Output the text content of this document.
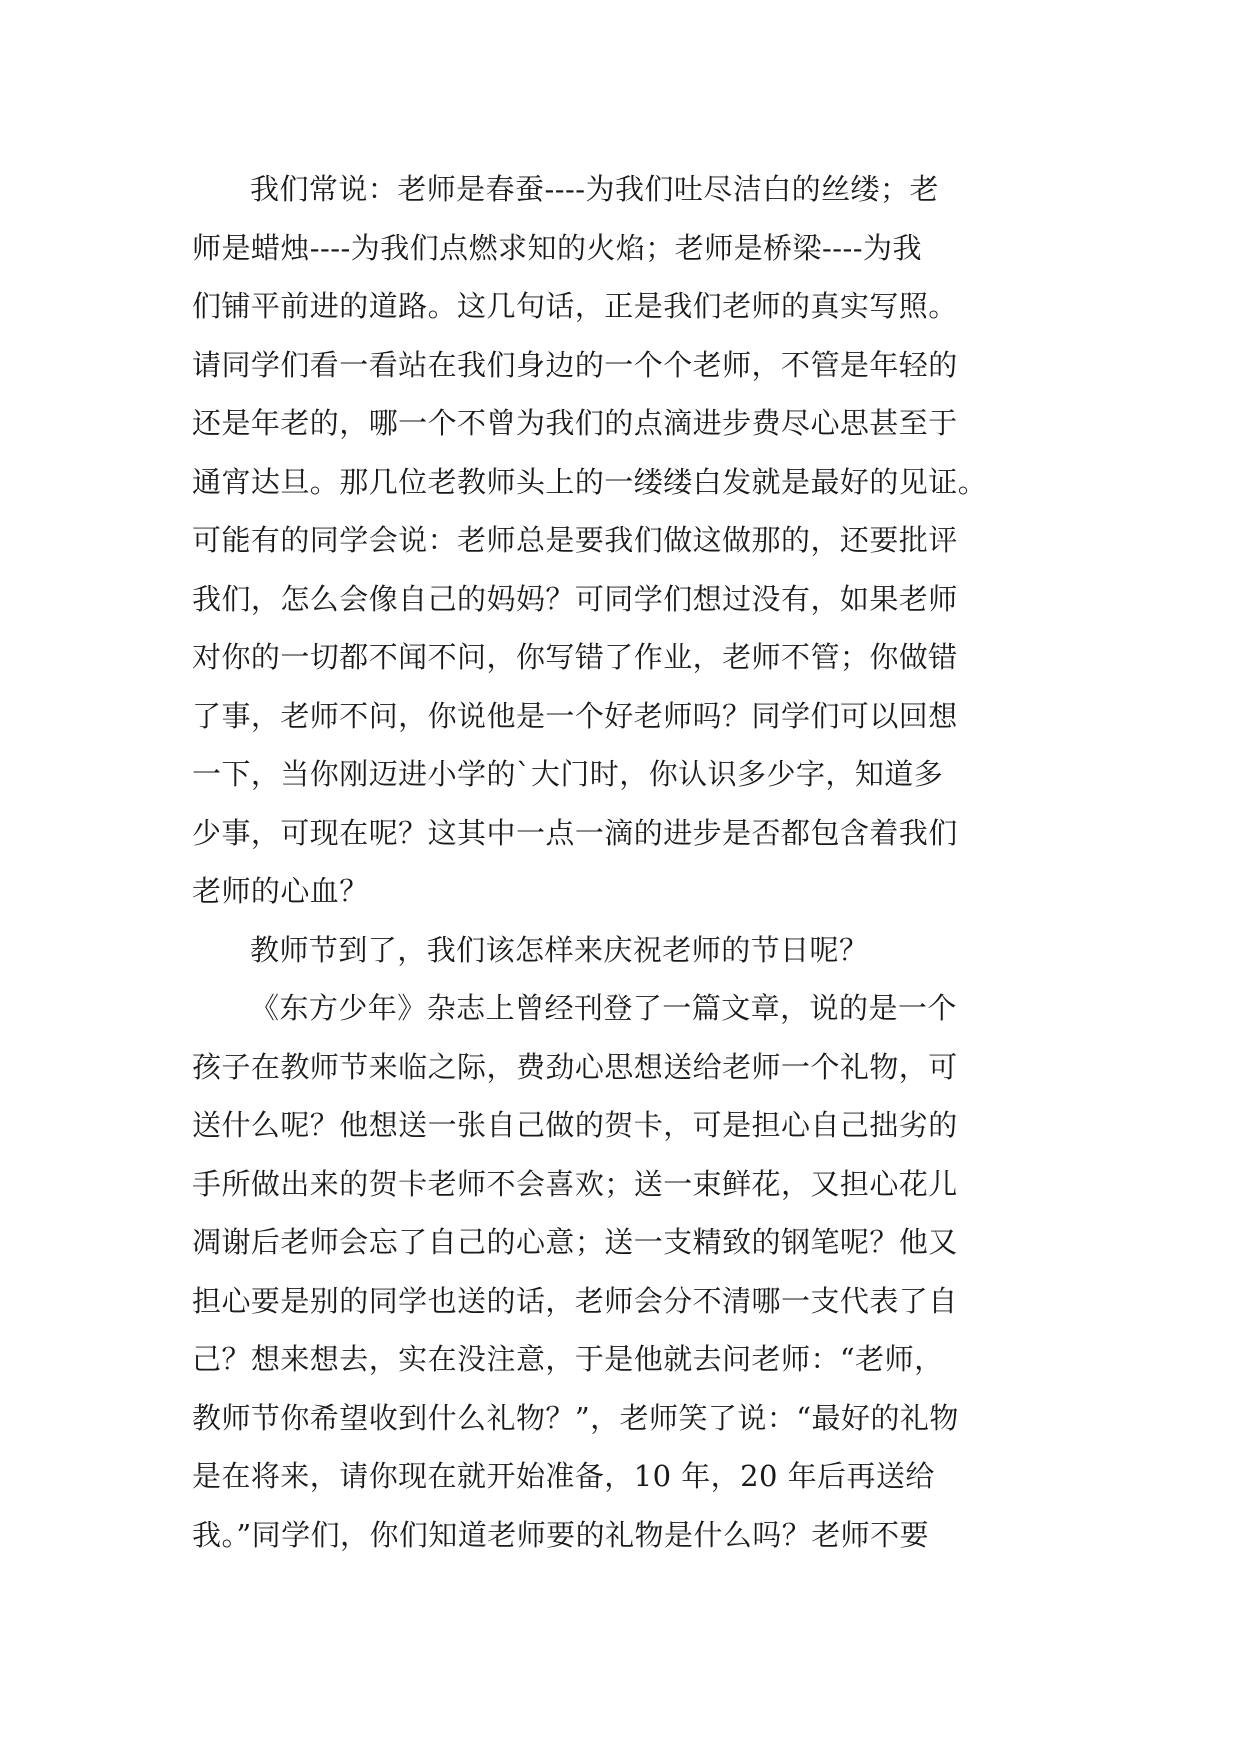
我们常说：老师是春蚕----为我们吐尽洁白的丝缕；老
师是蜡烛----为我们点燃求知的火焰；老师是桥梁----为我
们铺平前进的道路。这几句话，正是我们老师的真实写照。
请同学们看一看站在我们身边的一个个老师，不管是年轻的
还是年老的，哪一个不曾为我们的点滴进步费尽心思甚至于
通宵达旦。那几位老教师头上的一缕缕白发就是最好的见证。
可能有的同学会说：老师总是要我们做这做那的，还要批评
我们，怎么会像自己的妈妈？可同学们想过没有，如果老师
对你的一切都不闻不问，你写错了作业，老师不管；你做错
了事，老师不问，你说他是一个好老师吗？同学们可以回想
一下，当你刚迈进小学的`大门时，你认识多少字，知道多
少事，可现在呢？这其中一点一滴的进步是否都包含着我们
老师的心血？
教师节到了，我们该怎样来庆祝老师的节日呢？
《东方少年》杂志上曾经刊登了一篇文章，说的是一个
孩子在教师节来临之际，费劲心思想送给老师一个礼物，可
送什么呢？他想送一张自己做的贺卡，可是担心自己拙劣的
手所做出来的贺卡老师不会喜欢；送一束鲜花，又担心花儿
凋谢后老师会忘了自己的心意；送一支精致的钢笔呢？他又
担心要是别的同学也送的话，老师会分不清哪一支代表了自
己？想来想去，实在没注意，于是他就去问老师：“老师，
教师节你希望收到什么礼物？”，老师笑了说：“最好的礼物
是在将来，请你现在就开始准备，10 年，20 年后再送给
我。”同学们，你们知道老师要的礼物是什么吗？老师不要
